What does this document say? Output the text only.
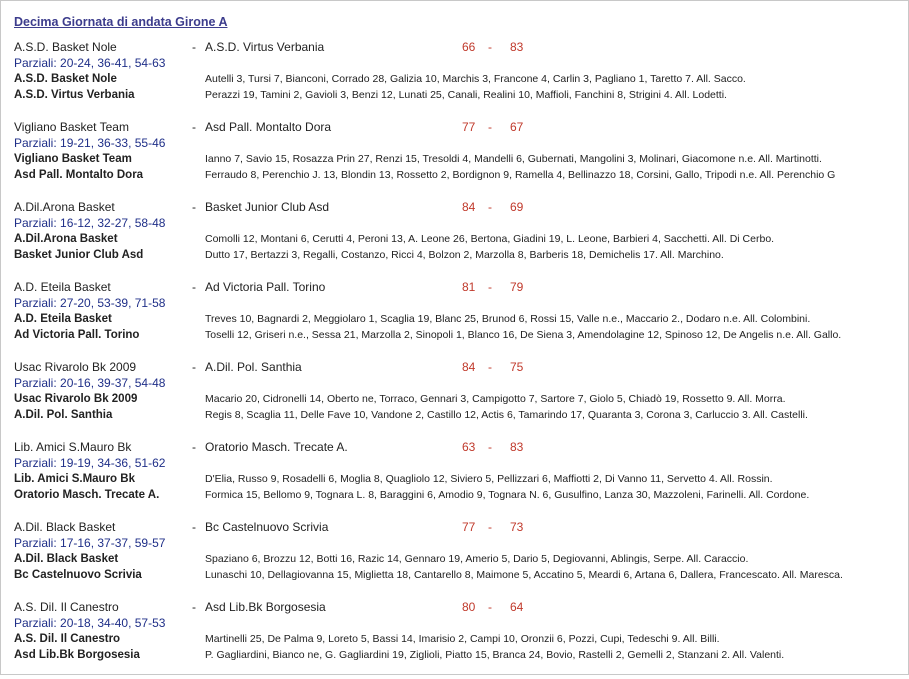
Decima Giornata di andata Girone A
A.S.D. Basket Nole	- A.S.D. Virtus Verbania	66 - 83
Parziali: 20-24, 36-41, 54-63
A.S.D. Basket Nole	Autelli 3, Tursi 7, Bianconi, Corrado 28, Galizia 10, Marchis 3, Francone 4, Carlin 3, Pagliano 1, Taretto 7. All. Sacco.
A.S.D. Virtus Verbania	Perazzi 19, Tamini 2, Gavioli 3, Benzi 12, Lunati 25, Canali, Realini 10, Maffioli, Fanchini 8, Strigini 4. All. Lodetti.
Vigliano Basket Team	- Asd Pall. Montalto Dora	77 - 67
Parziali: 19-21, 36-33, 55-46
Vigliano Basket Team	Ianno 7, Savio 15, Rosazza Prin 27, Renzi 15, Tresoldi 4, Mandelli 6, Gubernati, Mangolini 3, Molinari, Giacomone n.e. All. Martinotti.
Asd Pall. Montalto Dora	Ferraudo 8, Perenchio J. 13, Blondin 13, Rossetto 2, Bordignon 9, Ramella 4, Bellinazzo 18, Corsini, Gallo, Tripodi n.e. All. Perenchio G
A.Dil.Arona Basket	- Basket Junior Club Asd	84 - 69
Parziali: 16-12, 32-27, 58-48
A.Dil.Arona Basket	Comolli 12, Montani 6, Cerutti 4, Peroni 13, A. Leone 26, Bertona, Giadini 19, L. Leone, Barbieri 4, Sacchetti. All. Di Cerbo.
Basket Junior Club Asd	Dutto 17, Bertazzi 3, Regalli, Costanzo, Ricci 4, Bolzon 2, Marzolla 8, Barberis 18, Demichelis 17. All. Marchino.
A.D. Eteila Basket	- Ad Victoria Pall. Torino	81 - 79
Parziali: 27-20, 53-39, 71-58
A.D. Eteila Basket	Treves 10, Bagnardi 2, Meggiolaro 1, Scaglia 19, Blanc 25, Brunod 6, Rossi 15, Valle n.e., Maccario 2., Dodaro n.e. All. Colombini.
Ad Victoria Pall. Torino	Toselli 12, Griseri n.e., Sessa 21, Marzolla 2, Sinopoli 1, Blanco 16, De Siena 3, Amendolagine 12, Spinoso 12, De Angelis n.e. All. Gallo.
Usac Rivarolo Bk 2009	- A.Dil. Pol. Santhia	84 - 75
Parziali: 20-16, 39-37, 54-48
Usac Rivarolo Bk 2009	Macario 20, Cidronelli 14, Oberto ne, Torraco, Gennari 3, Campigotto 7, Sartore 7, Giolo 5, Chiadò 19, Rossetto 9. All. Morra.
A.Dil. Pol. Santhia	Regis 8, Scaglia 11, Delle Fave 10, Vandone 2, Castillo 12, Actis 6, Tamarindo 17, Quaranta 3, Corona 3, Carluccio 3. All. Castelli.
Lib. Amici S.Mauro Bk	- Oratorio Masch. Trecate A.	63 - 83
Parziali: 19-19, 34-36, 51-62
Lib. Amici S.Mauro Bk	D'Elia, Russo 9, Rosadelli 6, Moglia 8, Quagliolo 12, Siviero 5, Pellizzari 6, Maffiotti 2, Di Vanno 11, Servetto 4. All. Rossin.
Oratorio Masch. Trecate A.	Formica 15, Bellomo 9, Tognara L. 8, Baraggini 6, Amodio 9, Tognara N. 6, Gusulfino, Lanza 30, Mazzoleni, Farinelli. All. Cordone.
A.Dil. Black Basket	- Bc Castelnuovo Scrivia	77 - 73
Parziali: 17-16, 37-37, 59-57
A.Dil. Black Basket	Spaziano 6, Brozzu 12, Botti 16, Razic 14, Gennaro 19, Amerio 5, Dario 5, Degiovanni, Ablingis, Serpe. All. Caraccio.
Bc Castelnuovo Scrivia	Lunaschi 10, Dellagiovanna 15, Miglietta 18, Cantarello 8, Maimone 5, Accatino 5, Meardi 6, Artana 6, Dallera, Francescato. All. Maresca.
A.S. Dil. Il Canestro	- Asd Lib.Bk Borgosesia	80 - 64
Parziali: 20-18, 34-40, 57-53
A.S. Dil. Il Canestro	Martinelli 25, De Palma 9, Loreto 5, Bassi 14, Imarisio 2, Campi 10, Oronzii 6, Pozzi, Cupi, Tedeschi 9. All. Billi.
Asd Lib.Bk Borgosesia	P. Gagliardini, Bianco ne, G. Gagliardini 19, Ziglioli, Piatto 15, Branca 24, Bovio, Rastelli 2, Gemelli 2, Stanzani 2. All. Valenti.
